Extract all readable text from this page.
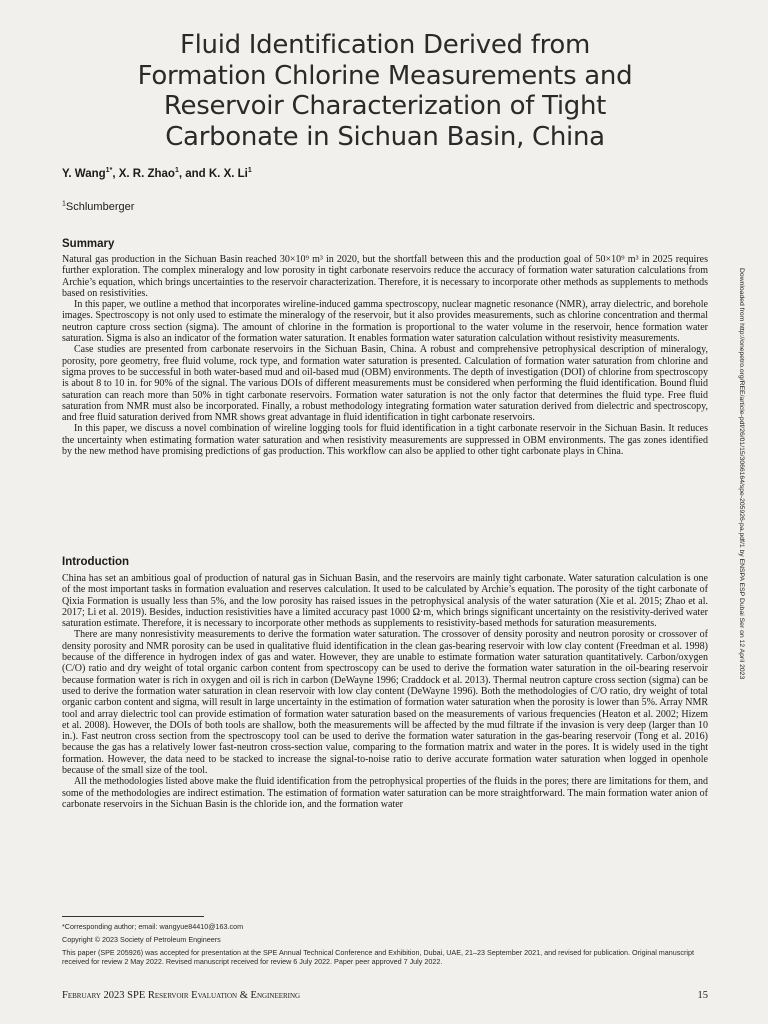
Fluid Identification Derived from
Formation Chlorine Measurements and
Reservoir Characterization of Tight
Carbonate in Sichuan Basin, China
Y. Wang$^{1*}$, X. R. Zhao$^1$, and K. X. Li$^1$
$^1$Schlumberger
Summary

Natural gas production in the Sichuan Basin reached 30×10⁹ m³ in 2020, but the shortfall between this and the production goal of 50×10⁹ m³ in 2025 requires further exploration. The complex mineralogy and low porosity in tight carbonate reservoirs reduce the accuracy of formation water saturation calculations from Archie’s equation, which brings uncertainties to the reservoir characterization. Therefore, it is necessary to incorporate other methods as supplements to methods based on resistivities.

In this paper, we outline a method that incorporates wireline-induced gamma spectroscopy, nuclear magnetic resonance (NMR), array dielectric, and borehole images. Spectroscopy is not only used to estimate the mineralogy of the reservoir, but it also provides measurements, such as chlorine concentration and thermal neutron capture cross section (sigma). The amount of chlorine in the formation is proportional to the water volume in the reservoir, hence formation water saturation. Sigma is also an indicator of the formation water saturation. It enables formation water saturation calculation without resistivity measurements.

Case studies are presented from carbonate reservoirs in the Sichuan Basin, China. A robust and comprehensive petrophysical description of mineralogy, porosity, pore geometry, free fluid volume, rock type, and formation water saturation is presented. Calculation of formation water saturation from chlorine and sigma proves to be successful in both water-based mud and oil-based mud (OBM) environments. The depth of investigation (DOI) of chlorine from spectroscopy is about 8 to 10 in. for 90% of the signal. The various DOIs of different measurements must be considered when performing the fluid identification. Bound fluid saturation can reach more than 50% in tight carbonate reservoirs. Formation water saturation is not the only factor that determines the fluid type. Free fluid saturation from NMR must also be incorporated. Finally, a robust methodology integrating formation water saturation derived from dielectric and spectroscopy, and free fluid saturation derived from NMR shows great advantage in fluid identification in tight carbonate reservoirs.

In this paper, we discuss a novel combination of wireline logging tools for fluid identification in a tight carbonate reservoir in the Sichuan Basin. It reduces the uncertainty when estimating formation water saturation and when resistivity measurements are suppressed in OBM environments. The gas zones identified by the new method have promising predictions of gas production. This workflow can also be applied to other tight carbonate plays in China.

Introduction

China has set an ambitious goal of production of natural gas in Sichuan Basin, and the reservoirs are mainly tight carbonate. Water saturation calculation is one of the most important tasks in formation evaluation and reserves calculation. It used to be calculated by Archie’s equation. The porosity of the tight carbonate of Qixia Formation is usually less than 5%, and the low porosity has raised issues in the petrophysical analysis of the water saturation (Xie et al. 2015; Zhao et al. 2017; Li et al. 2019). Besides, induction resistivities have a limited accuracy past 1000 Ω·m, which brings significant uncertainty on the resistivity-derived water saturation estimate. Therefore, it is necessary to incorporate other methods as supplements to resistivity-based methods for saturation measurements.

There are many nonresistivity measurements to derive the formation water saturation. The crossover of density porosity and neutron porosity or crossover of density porosity and NMR porosity can be used in qualitative fluid identification in the clean gas-bearing reservoir with low clay content (Freedman et al. 1998) because of the difference in hydrogen index of gas and water. However, they are unable to estimate formation water saturation quantitatively. Carbon/oxygen (C/O) ratio and dry weight of total organic carbon content from spectroscopy can be used to derive the formation water saturation in the oil-bearing reservoir because formation water is rich in oxygen and oil is rich in carbon (DeWayne 1996; Craddock et al. 2013). Thermal neutron capture cross section (sigma) can be used to derive the formation water saturation in clean reservoir with low clay content (DeWayne 1996). Both the methodologies of C/O ratio, dry weight of total organic carbon content and sigma, will result in large uncertainty in the estimation of formation water saturation when the porosity is lower than 5%. Array NMR tool and array dielectric tool can provide estimation of formation water saturation based on the measurements of various frequencies (Heaton et al. 2002; Hizem et al. 2008). However, the DOIs of both tools are shallow, both the measurements will be affected by the mud filtrate if the invasion is very deep (larger than 10 in.). Fast neutron cross section from the spectroscopy tool can be used to derive the formation water saturation in the gas-bearing reservoir (Tong et al. 2016) because the gas has a relatively lower fast-neutron cross-section value, comparing to the formation matrix and water in the pores. It is widely used in the tight formation. However, the data need to be stacked to increase the signal-to-noise ratio to derive accurate formation water saturation when logged in openhole because of the small size of the tool.

All the methodologies listed above make the fluid identification from the petrophysical properties of the fluids in the pores; there are limitations for them, and some of the methodologies are indirect estimation. The estimation of formation water saturation can be more straightforward. The main formation water anion of carbonate reservoirs in the Sichuan Basin is the chloride ion, and the formation water

*Corresponding author; email: wangyue84410@163.com

Copyright © 2023 Society of Petroleum Engineers

This paper (SPE 205926) was accepted for presentation at the SPE Annual Technical Conference and Exhibition, Dubai, UAE, 21–23 September 2021, and revised for publication. Original manuscript received for review 2 May 2022. Revised manuscript received for review 6 July 2022. Paper peer approved 7 July 2022.

February 2023 SPE Reservoir Evaluation & Engineering	15
Downloaded from http://onepetro.org/REE/article-pdf/26/01/15/3066164/spe-205926-pa.pdf/1 by ENSPA ESP Dubai Ser on 12 April 2023
